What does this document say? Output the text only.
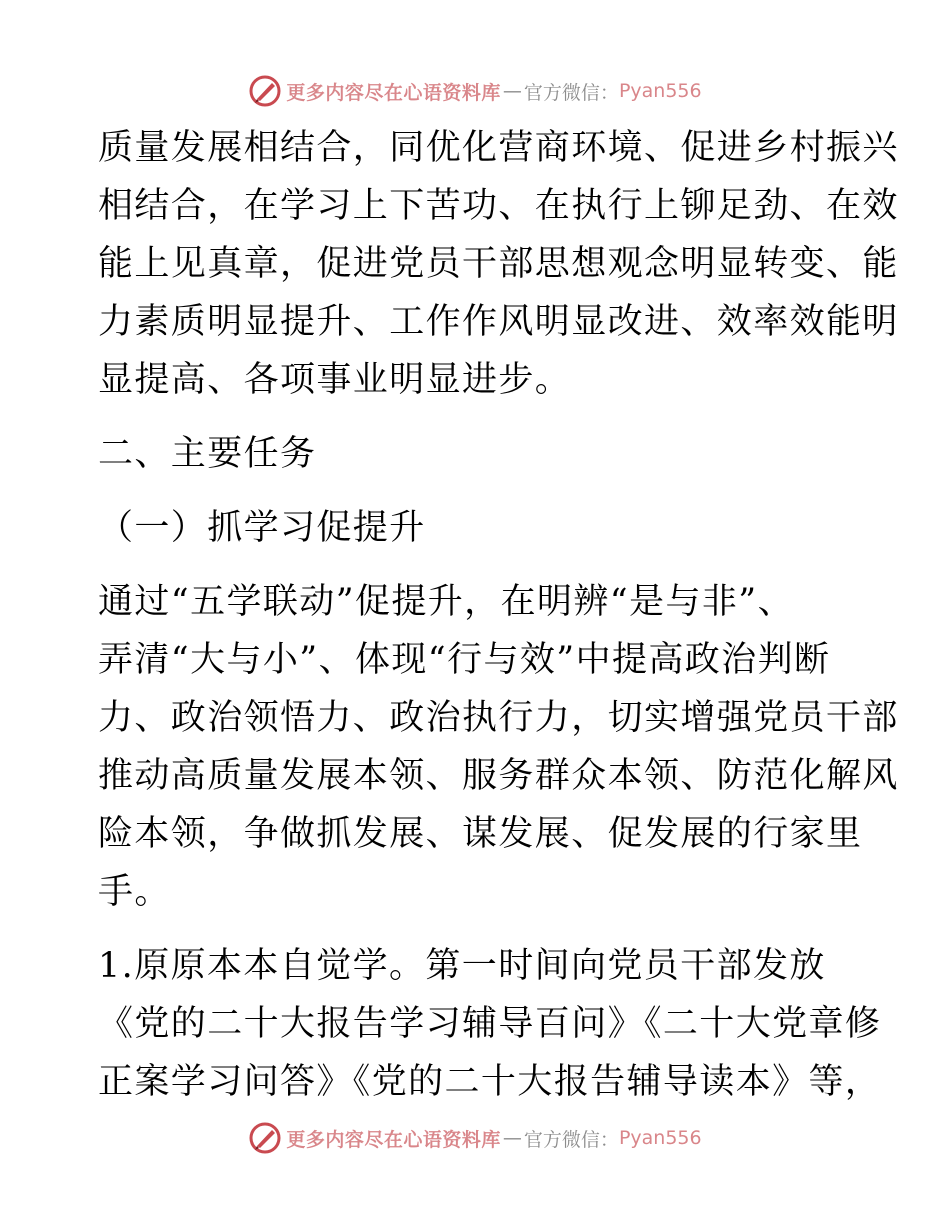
更多内容尽在心语资料库 — 官方微信： Pyan556
质量发展相结合，同优化营商环境、促进乡村振兴
相结合，在学习上下苦功、在执行上铆足劲、在效
能上见真章，促进党员干部思想观念明显转变、能
力素质明显提升、工作作风明显改进、效率效能明
显提高、各项事业明显进步。
二、主要任务
（一）抓学习促提升
通过“五学联动”促提升，在明辨“是与非”、
弄清“大与小”、体现“行与效”中提高政治判断
力、政治领悟力、政治执行力，切实增强党员干部
推动高质量发展本领、服务群众本领、防范化解风
险本领，争做抓发展、谋发展、促发展的行家里
手。
1.原原本本自觉学。第一时间向党员干部发放
《党的二十大报告学习辅导百问》《二十大党章修
正案学习问答》《党的二十大报告辅导读本》等，
更多内容尽在心语资料库 — 官方微信： Pyan556
